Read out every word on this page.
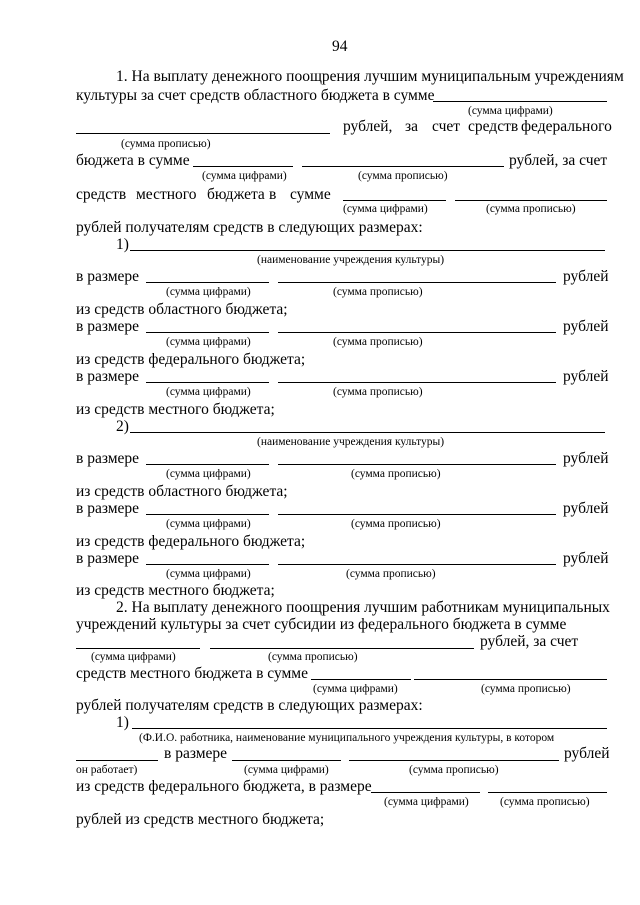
94
1. На выплату денежного поощрения лучшим муниципальным учреждениям
культуры за счет средств областного бюджета в сумме
(сумма цифрами)
рублей, за счет средств федерального
(сумма прописью)
бюджета в сумме	рублей, за счет
(сумма цифрами)	(сумма прописью)
средств местного бюджета в сумме
(сумма цифрами)	(сумма прописью)
рублей получателям средств в следующих размерах:
1)
(наименование учреждения культуры)
в размере	рублей
(сумма цифрами)	(сумма прописью)
из средств областного бюджета;
в размере	рублей
(сумма цифрами)	(сумма прописью)
из средств федерального бюджета;
в размере	рублей
(сумма цифрами)	(сумма прописью)
из средств местного бюджета;
2)
(наименование учреждения культуры)
в размере	рублей
(сумма цифрами)	(сумма прописью)
из средств областного бюджета;
в размере	рублей
(сумма цифрами)	(сумма прописью)
из средств федерального бюджета;
в размере	рублей
(сумма цифрами)	(сумма прописью)
из средств местного бюджета;
2. На выплату денежного поощрения лучшим работникам муниципальных
учреждений культуры за счет субсидии из федерального бюджета в сумме
рублей, за счет
(сумма цифрами)	(сумма прописью)
средств местного бюджета в сумме
(сумма цифрами)	(сумма прописью)
рублей получателям средств в следующих размерах:
1)
(Ф.И.О. работника, наименование муниципального учреждения культуры, в котором
в размере	рублей
он работает)	(сумма цифрами)	(сумма прописью)
из средств федерального бюджета, в размере
(сумма цифрами)	(сумма прописью)
рублей из средств местного бюджета;
